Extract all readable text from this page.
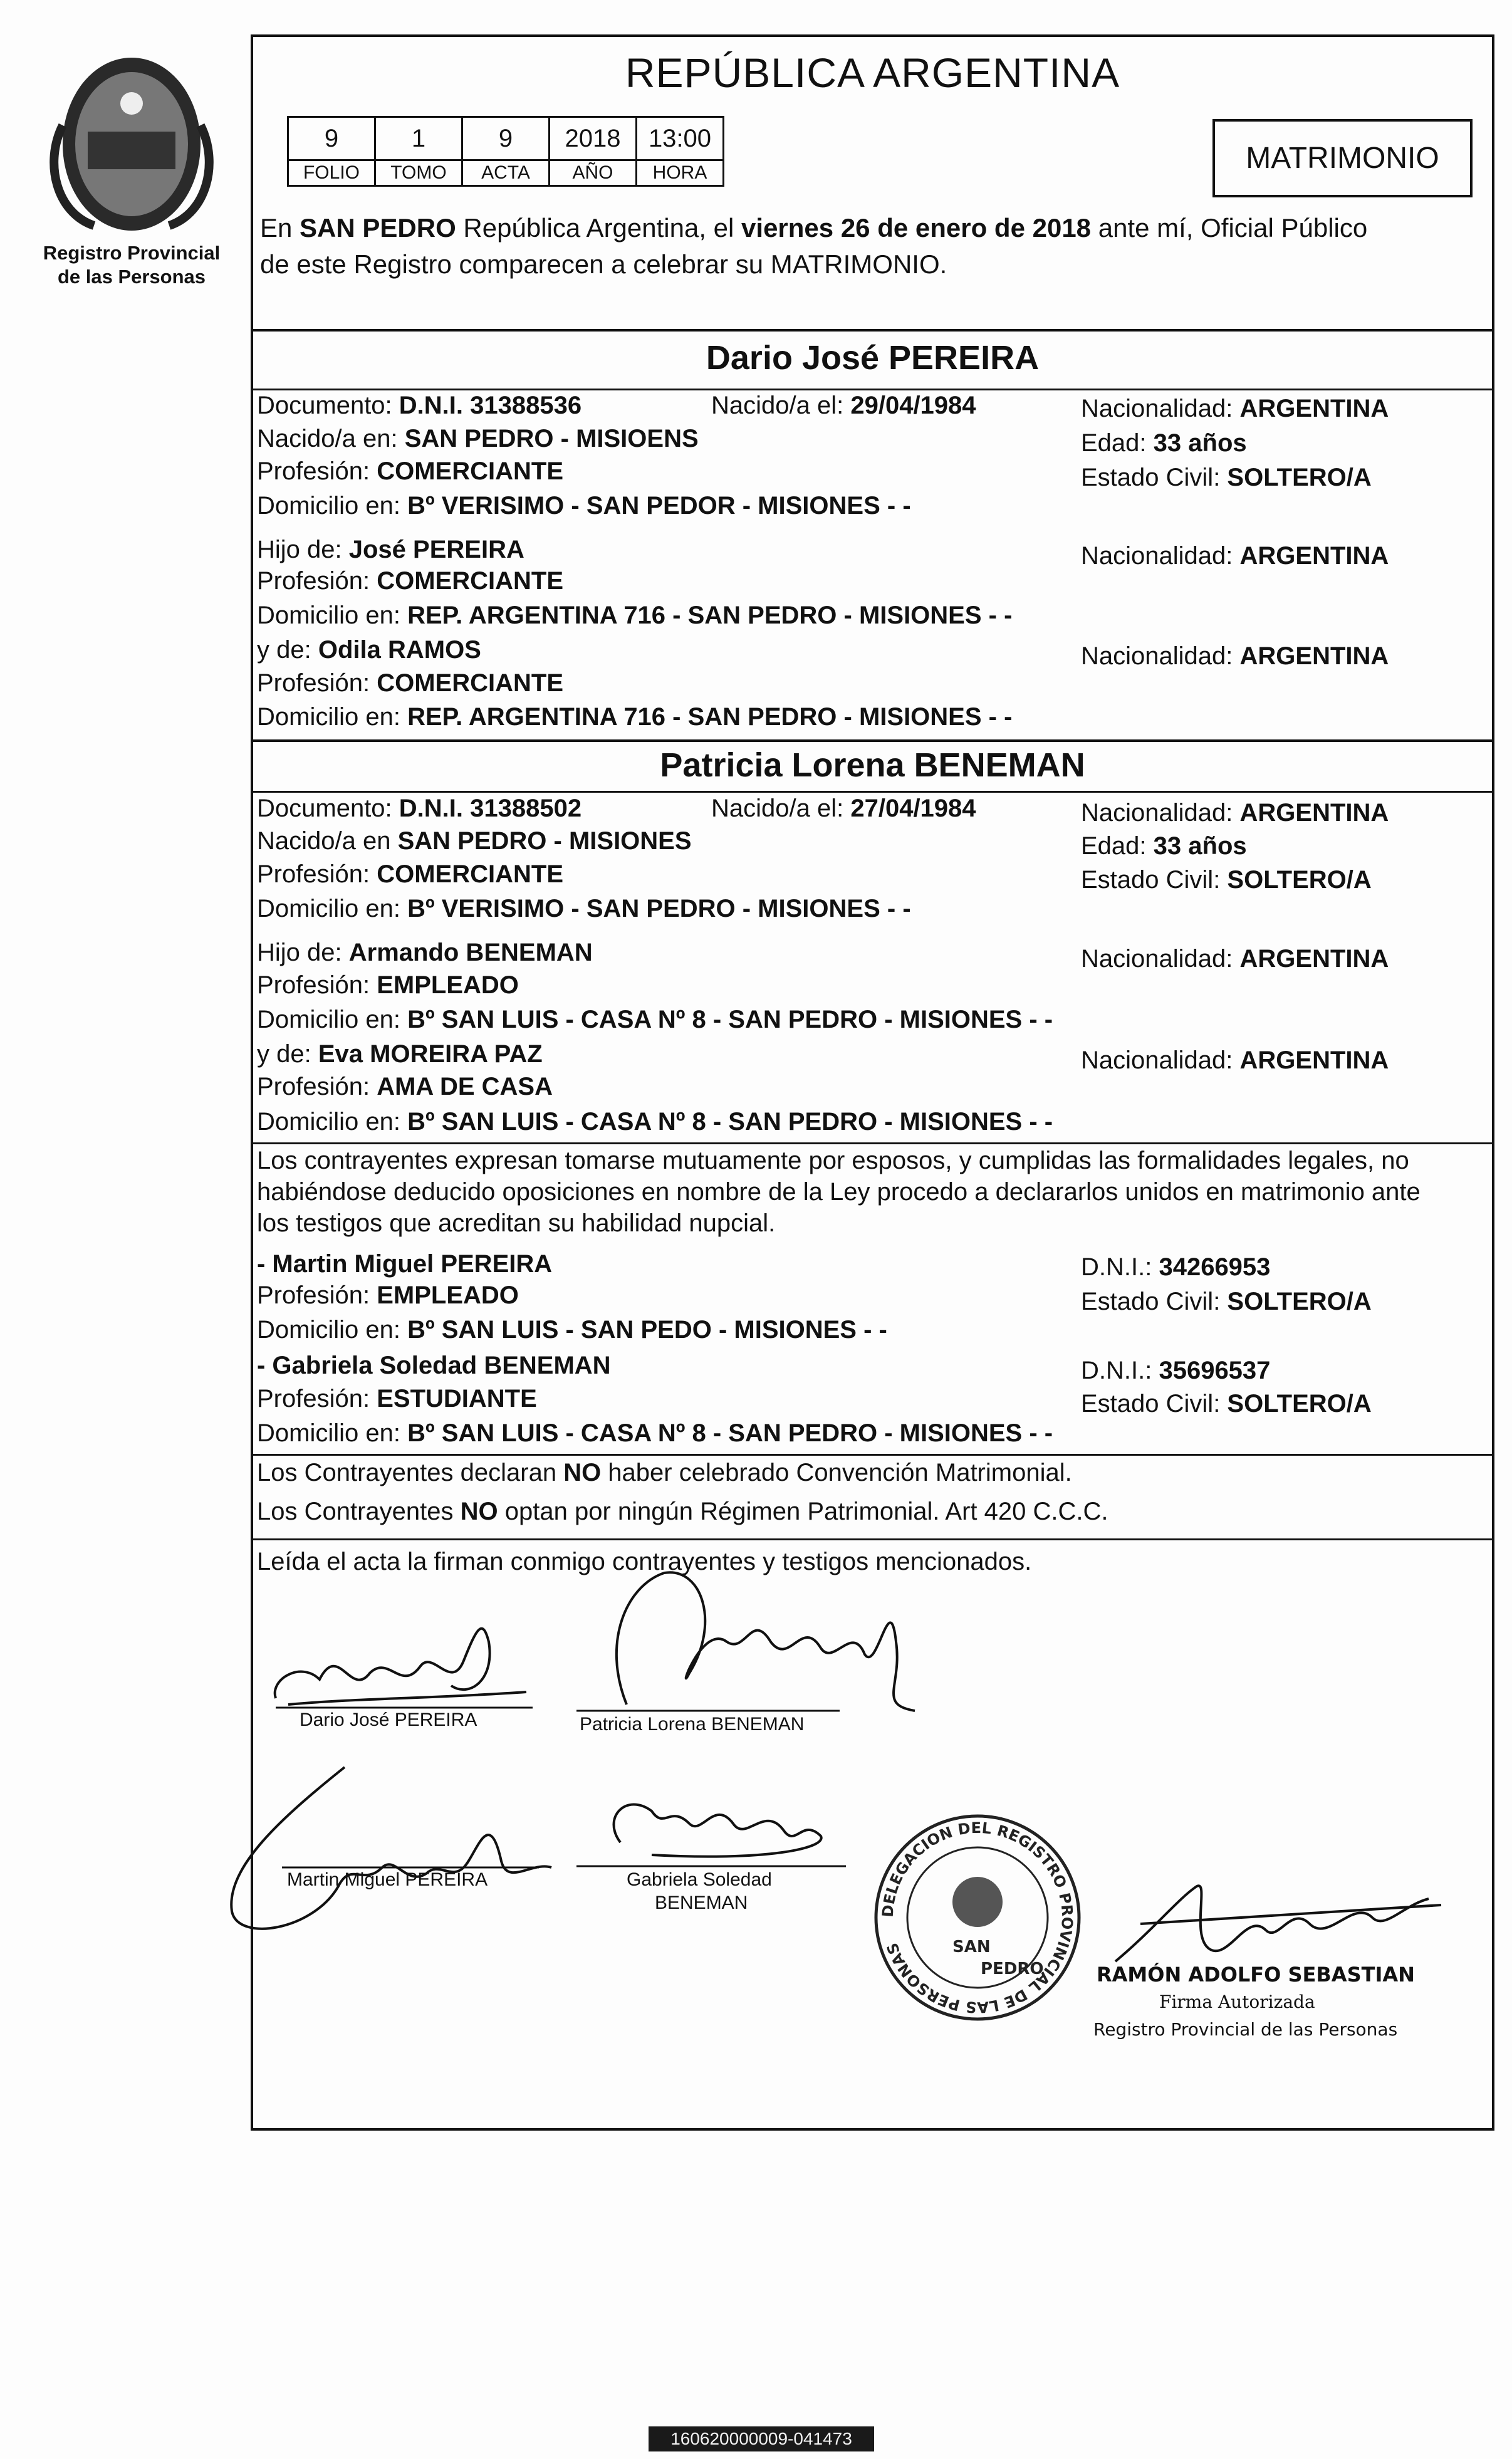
Registro Provincial
de las Personas
REPÚBLICA ARGENTINA
9	1	9	2018	13:00
FOLIO	TOMO	ACTA	AÑO	HORA	MATRIMONIO
En SAN PEDRO República Argentina, el viernes 26 de enero de 2018 ante mí, Oficial Público
de este Registro comparecen a celebrar su MATRIMONIO.
Dario José PEREIRA
Documento: D.N.I. 31388536	Nacido/a el: 29/04/1984	Nacionalidad: ARGENTINA
Nacido/a en: SAN PEDRO - MISIOENS	Edad: 33 años
Profesión: COMERCIANTE	Estado Civil: SOLTERO/A
Domicilio en: Bº VERISIMO - SAN PEDOR - MISIONES - -
Hijo de: José PEREIRA	Nacionalidad: ARGENTINA
Profesión: COMERCIANTE
Domicilio en: REP. ARGENTINA 716 - SAN PEDRO - MISIONES - -
y de: Odila RAMOS	Nacionalidad: ARGENTINA
Profesión: COMERCIANTE
Domicilio en: REP. ARGENTINA 716 - SAN PEDRO - MISIONES - -
Patricia Lorena BENEMAN
Documento: D.N.I. 31388502	Nacido/a el: 27/04/1984	Nacionalidad: ARGENTINA
Nacido/a en SAN PEDRO - MISIONES	Edad: 33 años
Profesión: COMERCIANTE	Estado Civil: SOLTERO/A
Domicilio en: Bº VERISIMO - SAN PEDRO - MISIONES - -
Hijo de: Armando BENEMAN	Nacionalidad: ARGENTINA
Profesión: EMPLEADO
Domicilio en: Bº SAN LUIS - CASA Nº 8 - SAN PEDRO - MISIONES - -
y de: Eva MOREIRA PAZ	Nacionalidad: ARGENTINA
Profesión: AMA DE CASA
Domicilio en: Bº SAN LUIS - CASA Nº 8 - SAN PEDRO - MISIONES - -
Los contrayentes expresan tomarse mutuamente por esposos, y cumplidas las formalidades legales, no
habiéndose deducido oposiciones en nombre de la Ley procedo a declararlos unidos en matrimonio ante
los testigos que acreditan su habilidad nupcial.
- Martin Miguel PEREIRA	D.N.I.: 34266953
Profesión: EMPLEADO	Estado Civil: SOLTERO/A
Domicilio en: Bº SAN LUIS - SAN PEDO - MISIONES - -
- Gabriela Soledad BENEMAN	D.N.I.: 35696537
Profesión: ESTUDIANTE	Estado Civil: SOLTERO/A
Domicilio en: Bº SAN LUIS - CASA Nº 8 - SAN PEDRO - MISIONES - -
Los Contrayentes declaran NO haber celebrado Convención Matrimonial.
Los Contrayentes NO optan por ningún Régimen Patrimonial. Art 420 C.C.C.
Leída el acta la firman conmigo contrayentes y testigos mencionados.
Dario José PEREIRA	Patricia Lorena BENEMAN
Martin Miguel PEREIRA	Gabriela Soledad
BENEMAN	DELEGACION DEL REGISTRO PROVINCIAL DE LAS PERSONAS	SAN
PEDRO	RAMÓN ADOLFO SEBASTIAN
Firma Autorizada
Registro Provincial de las Personas
160620000009-041473
